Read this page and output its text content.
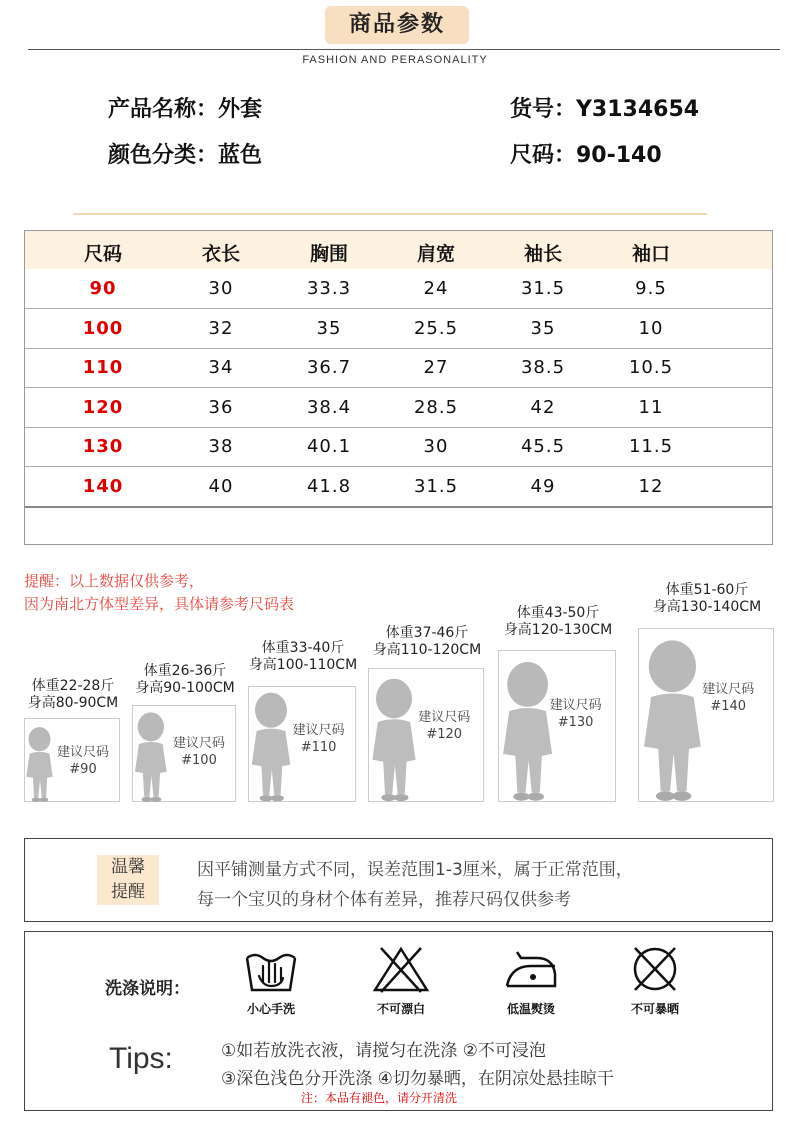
商品参数
FASHION AND PERASONALITY
产品名称：外套	货号：Y3134654
颜色分类：蓝色	尺码：90-140
尺码	衣长	胸围	肩宽	袖长	袖口
90	30	33.3	24	31.5	9.5
100	32	35	25.5	35	10
110	34	36.7	27	38.5	10.5
120	36	38.4	28.5	42	11
130	38	40.1	30	45.5	11.5
140	40	41.8	31.5	49	12
提醒：以上数据仅供参考，
因为南北方体型差异，具体请参考尺码表
建议尺码
#90
体重22-28斤
身高80-90CM
建议尺码
#100
体重26-36斤
身高90-100CM
建议尺码
#110
体重33-40斤
身高100-110CM
建议尺码
#120
体重37-46斤
身高110-120CM
建议尺码
#130
体重43-50斤
身高120-130CM
建议尺码
#140
体重51-60斤
身高130-140CM
温馨
提醒
因平铺测量方式不同，误差范围1-3厘米，属于正常范围，
每一个宝贝的身材个体有差异，推荐尺码仅供参考
洗涤说明：
小心手洗	不可漂白	低温熨烫	不可暴晒
Tips:	①如若放洗衣液，请搅匀在洗涤 ②不可浸泡
③深色浅色分开洗涤 ④切勿暴晒，在阴凉处悬挂晾干
注：本品有褪色，请分开清洗
